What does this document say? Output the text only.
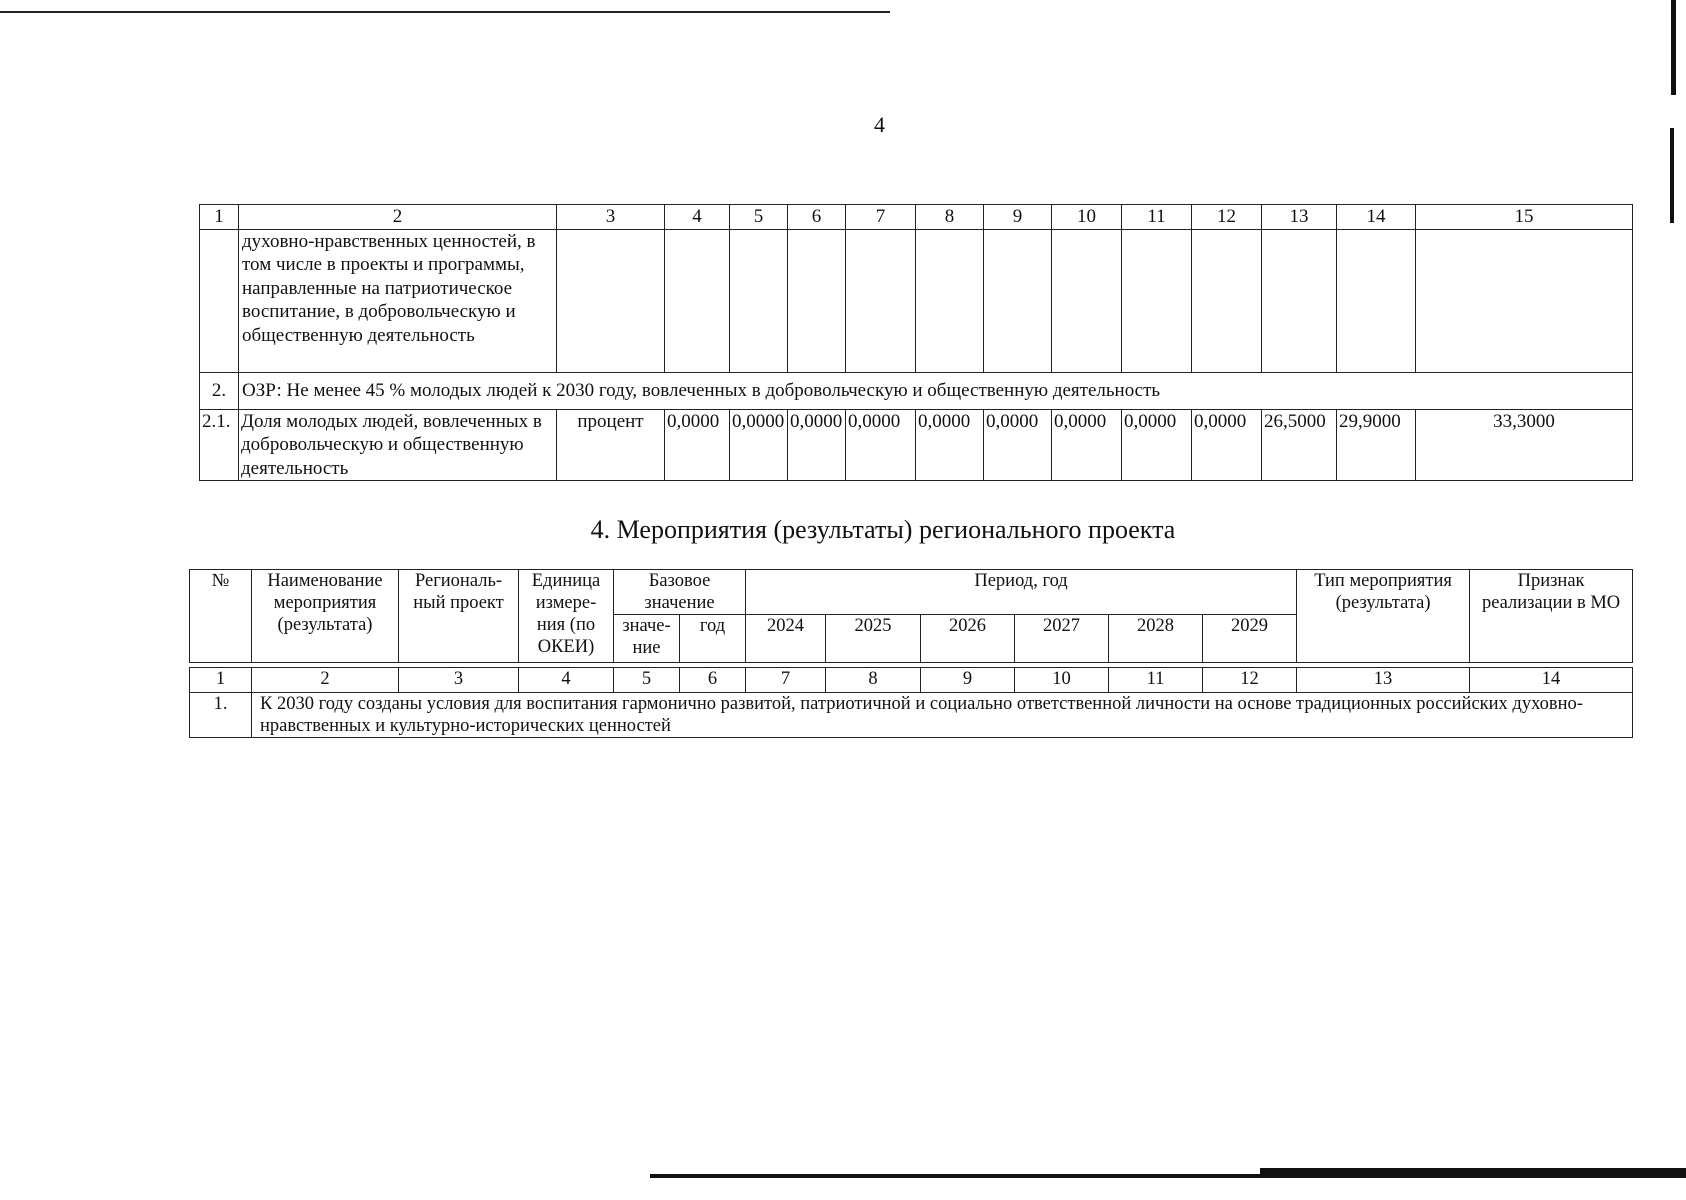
4
1	2	3	4	5	6	7	8	9	10	11	12	13	14	15
	духовно-нравственных ценностей, в том числе в проекты и программы, направленные на патриотическое воспитание, в добровольческую и общественную деятельность													
2.	ОЗР: Не менее 45 % молодых людей к 2030 году, вовлеченных в добровольческую и общественную деятельность													
2.1.	Доля молодых людей, вовлеченных в добровольческую и общественную деятельность	процент	0,0000	0,0000	0,0000	0,0000	0,0000	0,0000	0,0000	0,0000	0,0000	26,5000	29,9000	33,3000
4. Мероприятия (результаты) регионального проекта
№	Наименование мероприятия (результата)	Региональ-ный проект	Единица измере-ния (по ОКЕИ)	Базовое значение		Период, год						Тип мероприятия (результата)	Признак реализации в МО

				значе-ние	год	2024	2025	2026	2027	2028	2029		
1	2	3	4	5	6	7	8	9	10	11	12	13	14
1.	К 2030 году созданы условия для воспитания гармонично развитой, патриотичной и социально ответственной личности на основе традиционных российских духовно-нравственных и культурно-исторических ценностей												
